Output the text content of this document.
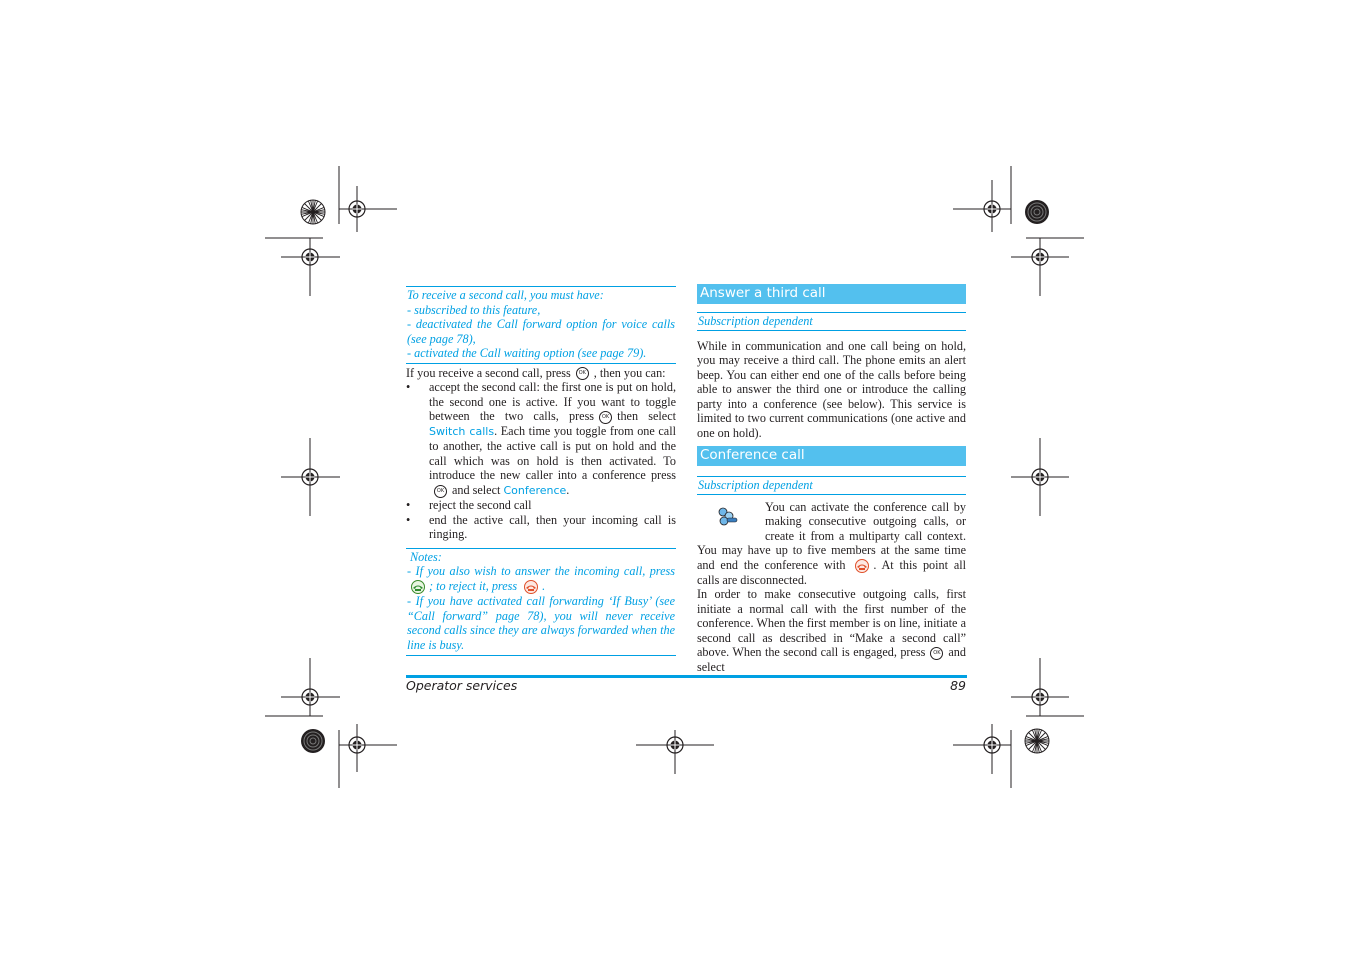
To receive a second call, you must have:

- subscribed to this feature,

- deactivated the Call forward option for voice calls (see page 78),

- activated the Call waiting option (see page 79).

If you receive a second call, press OK , then you can:

• accept the second call: the first one is put on hold, the second one is active. If you want to toggle between the two calls, press OK then select Switch calls. Each time you toggle from one call to another, the active call is put on hold and the call which was on hold is then activated. To introduce the new caller into a conference pressOK and select Conference.
• reject the second call
• end the active call, then your incoming call is ringing.

Notes:

- If you also wish to answer the incoming call, press ; to reject it, press .

- If you have activated call forwarding ‘If Busy’ (see “Call forward” page 78), you will never receive second calls since they are always forwarded when the line is busy.

Answer a third call
Subscription dependent

While in communication and one call being on hold, you may receive a third call. The phone emits an alert beep. You can either end one of the calls before being able to answer the third one or introduce the calling party into a conference (see below). This service is limited to two current communications (one active and one on hold).

Conference call
Subscription dependent
You can activate the conference call by making consecutive outgoing calls, or create it from a multiparty call context. You may have up to five members at the same time and end the conference with . At this point all calls are disconnected.

In order to make consecutive outgoing calls, first initiate a normal call with the first number of the conference. When the first member is on line, initiate a second call as described in “Make a second call” above. When the second call is engaged, press OK and select

Operator services	89
